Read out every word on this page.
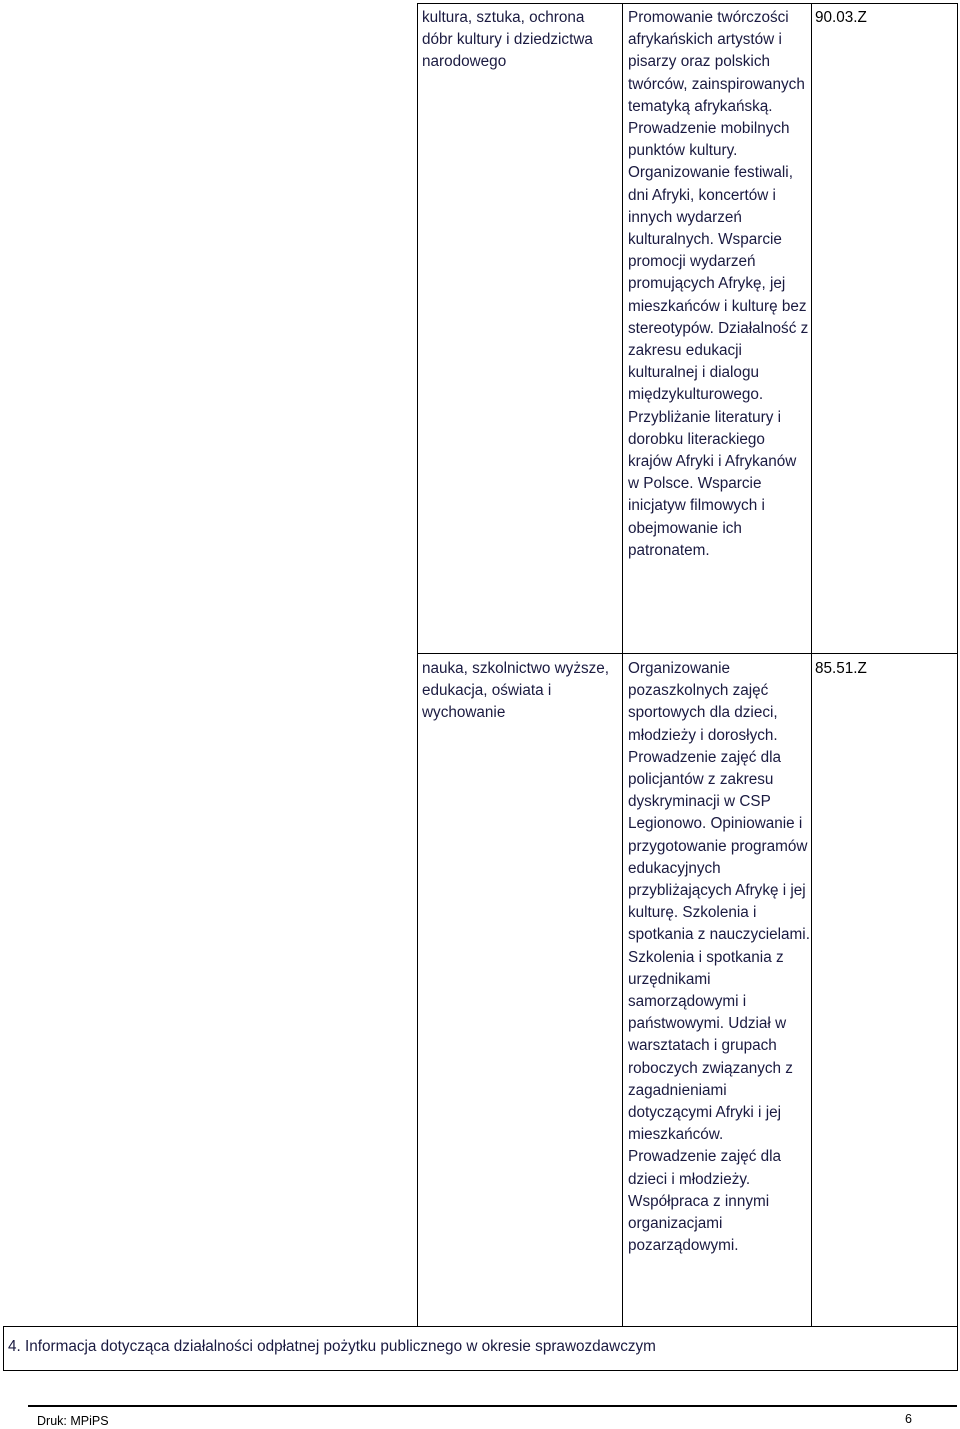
kultura, sztuka, ochrona dóbr kultury i dziedzictwa narodowego
Promowanie twórczości afrykańskich artystów i pisarzy oraz polskich twórców, zainspirowanych tematyką afrykańską. Prowadzenie mobilnych punktów kultury. Organizowanie festiwali, dni Afryki, koncertów i innych wydarzeń kulturalnych. Wsparcie promocji wydarzeń promujących Afrykę, jej mieszkańców i kulturę bez stereotypów. Działalność z zakresu edukacji kulturalnej i dialogu międzykulturowego. Przybliżanie literatury i dorobku literackiego krajów Afryki i Afrykanów w Polsce. Wsparcie inicjatyw filmowych i obejmowanie ich patronatem.
90.03.Z
nauka, szkolnictwo wyższe, edukacja, oświata i wychowanie
Organizowanie pozaszkolnych zajęć sportowych dla dzieci, młodzieży i dorosłych. Prowadzenie zajęć dla policjantów z zakresu dyskryminacji w CSP Legionowo. Opiniowanie i przygotowanie programów edukacyjnych przybliżających Afrykę i jej kulturę. Szkolenia i spotkania z nauczycielami. Szkolenia i spotkania z urzędnikami samorządowymi i państwowymi. Udział w warsztatach i grupach roboczych związanych z zagadnieniami dotyczącymi Afryki i jej mieszkańców. Prowadzenie zajęć dla dzieci i młodzieży. Współpraca z innymi organizacjami pozarządowymi.
85.51.Z
4. Informacja dotycząca działalności odpłatnej pożytku publicznego w okresie sprawozdawczym
Druk: MPiPS	6
